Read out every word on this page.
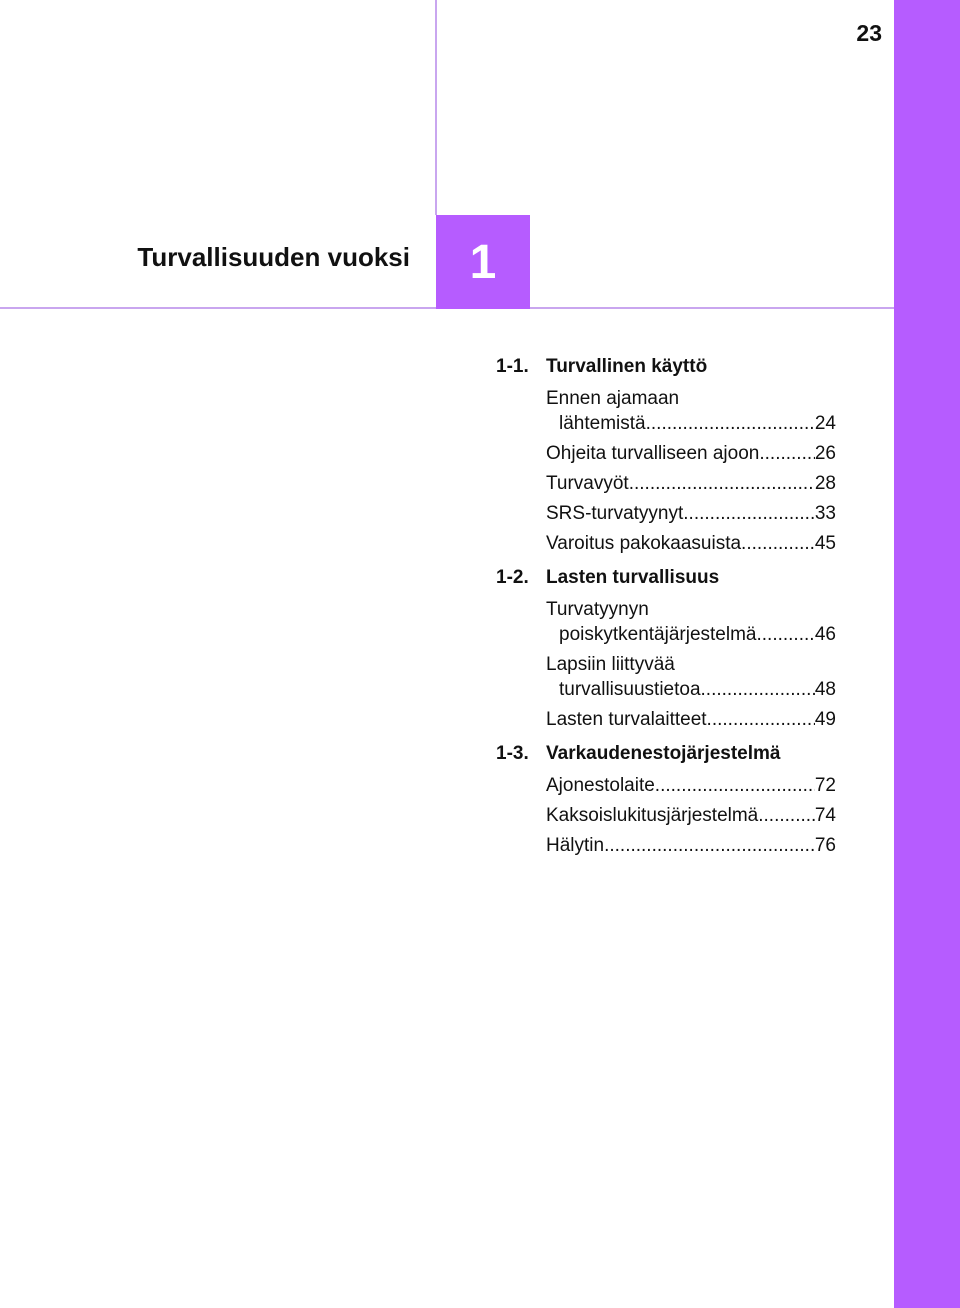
23
Turvallisuuden vuoksi	1
1-1. Turvallinen käyttö
Ennen ajamaan
lähtemistä .....	24
Ohjeita turvalliseen ajoon .....	26
Turvavyöt .....	28
SRS-turvatyynyt .....	33
Varoitus pakokaasuista .....	45
1-2. Lasten turvallisuus
Turvatyynyn
poiskytkentäjärjestelmä .....	46
Lapsiin liittyvää
turvallisuustietoa .....	48
Lasten turvalaitteet .....	49
1-3. Varkaudenestojärjestelmä
Ajonestolaite .....	72
Kaksoislukitusjärjestelmä .....	74
Hälytin .....	76
